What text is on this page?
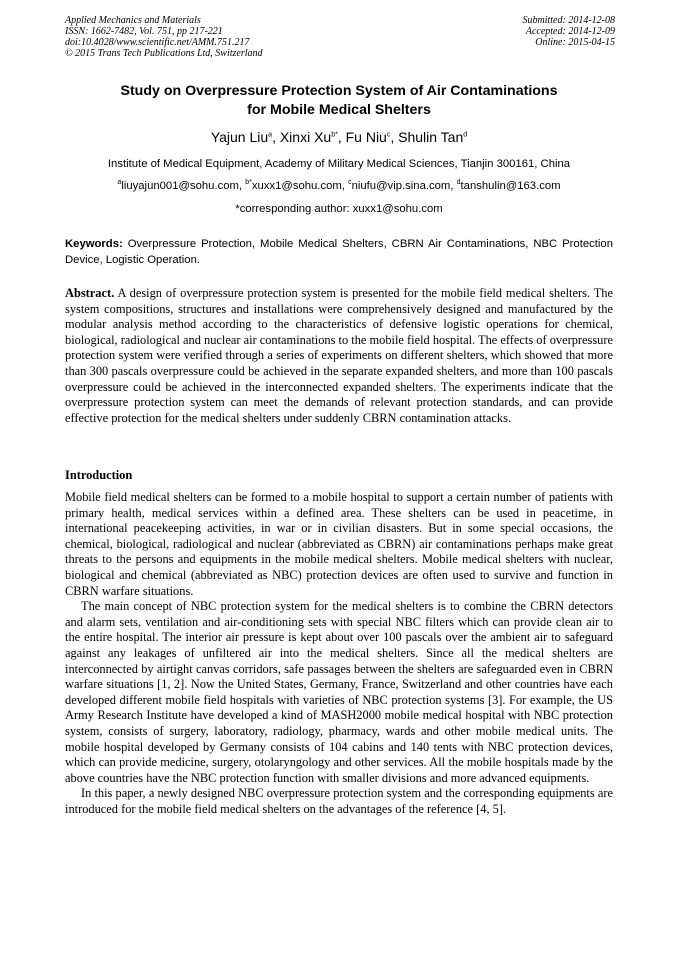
Applied Mechanics and Materials
ISSN: 1662-7482, Vol. 751, pp 217-221
doi:10.4028/www.scientific.net/AMM.751.217
© 2015 Trans Tech Publications Ltd, Switzerland
Submitted: 2014-12-08
Accepted: 2014-12-09
Online: 2015-04-15
Study on Overpressure Protection System of Air Contaminations
for Mobile Medical Shelters
Yajun Liu$^a$, Xinxi $Xu^{b*}$, Fu Niu$^c$, Shulin Tan$^d$
Institute of Medical Equipment, Academy of Military Medical Sciences, Tianjin 300161, China
$^a$liuyajun001@sohu.com, $^{b*}$xuxx1@sohu.com, $^c$niufu@vip.sina.com, $^d$tanshulin@163.com
*corresponding author: xuxx1@sohu.com
Keywords: Overpressure Protection, Mobile Medical Shelters, CBRN Air Contaminations, NBC Protection Device, Logistic Operation.
Abstract. A design of overpressure protection system is presented for the mobile field medical shelters. The system compositions, structures and installations were comprehensively designed and manufactured by the modular analysis method according to the characteristics of defensive logistic operations for chemical, biological, radiological and nuclear air contaminations to the mobile field hospital. The effects of overpressure protection system were verified through a series of experiments on different shelters, which showed that more than 300 pascals overpressure could be achieved in the separate expanded shelters, and more than 100 pascals overpressure could be achieved in the interconnected expanded shelters. The experiments indicate that the overpressure protection system can meet the demands of relevant protection standards, and can provide effective protection for the medical shelters under suddenly CBRN contamination attacks.
Introduction

Mobile field medical shelters can be formed to a mobile hospital to support a certain number of patients with primary health, medical services within a defined area. These shelters can be used in peacetime, in international peacekeeping activities, in war or in civilian disasters. But in some special occasions, the chemical, biological, radiological and nuclear (abbreviated as CBRN) air contaminations perhaps make great threats to the persons and equipments in the mobile medical shelters. Mobile medical shelters with nuclear, biological and chemical (abbreviated as NBC) protection devices are often used to survive and function in CBRN warfare situations.

The main concept of NBC protection system for the medical shelters is to combine the CBRN detectors and alarm sets, ventilation and air-conditioning sets with special NBC filters which can provide clean air to the entire hospital. The interior air pressure is kept about over 100 pascals over the ambient air to safeguard against any leakages of unfiltered air into the medical shelters. Since all the medical shelters are interconnected by airtight canvas corridors, safe passages between the shelters are safeguarded even in CBRN warfare situations [1, 2]. Now the United States, Germany, France, Switzerland and other countries have each developed different mobile field hospitals with varieties of NBC protection systems [3]. For example, the US Army Research Institute have developed a kind of MASH2000 mobile medical hospital with NBC protection system, consists of surgery, laboratory, radiology, pharmacy, wards and other mobile medical units. The mobile hospital developed by Germany consists of 104 cabins and 140 tents with NBC protection devices, which can provide medicine, surgery, otolaryngology and other services. All the mobile hospitals made by the above countries have the NBC protection function with smaller divisions and more advanced equipments.

In this paper, a newly designed NBC overpressure protection system and the corresponding equipments are introduced for the mobile field medical shelters on the advantages of the reference [4, 5].
